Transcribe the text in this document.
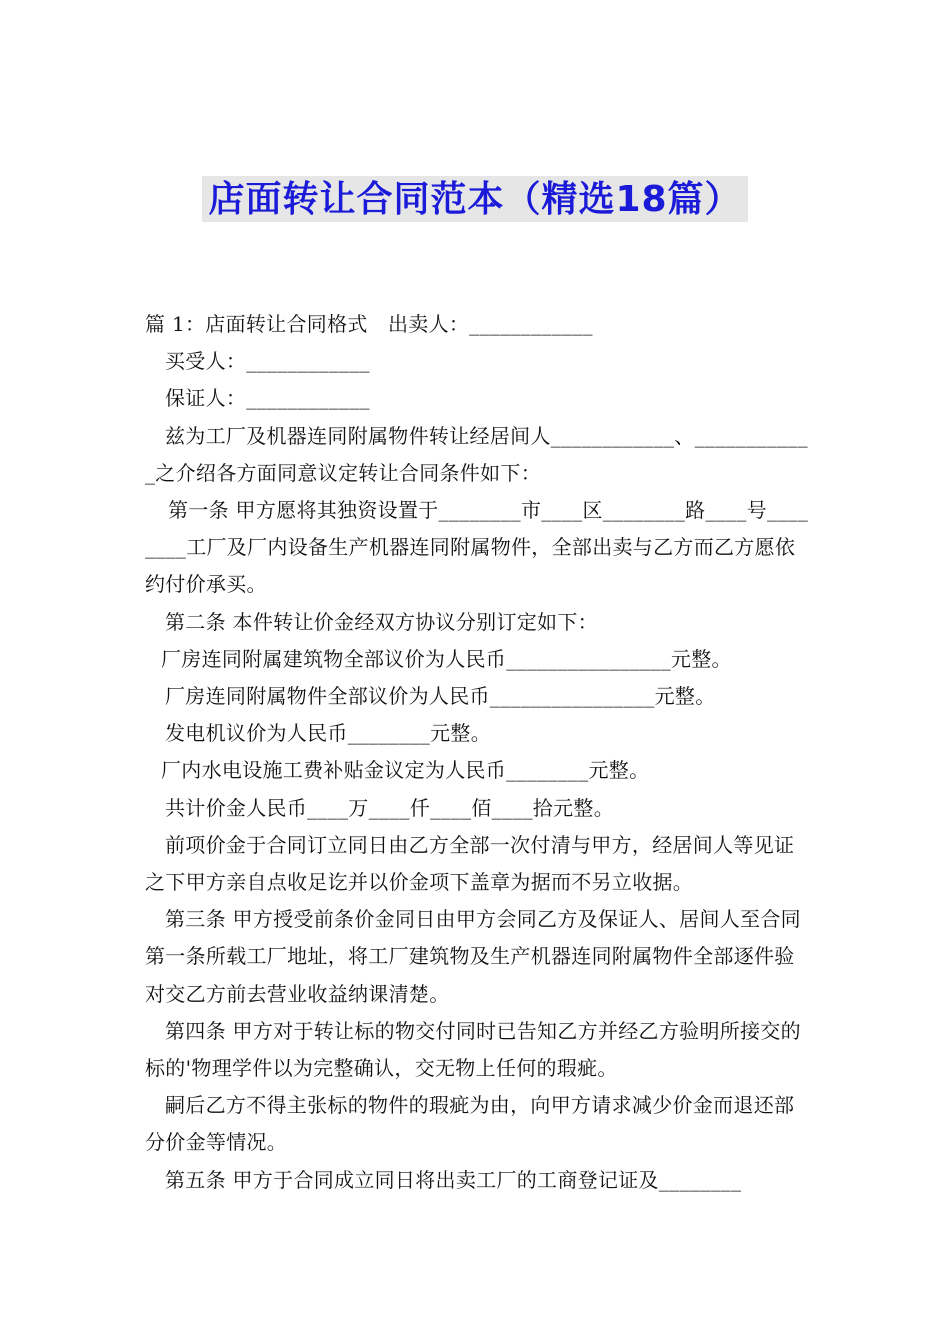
店面转让合同范本（精选18篇）

篇 1：店面转让合同格式　出卖人：____________

买受人：____________

保证人：____________

兹为工厂及机器连同附属物件转让经居间人____________、____________之介绍各方面同意议定转让合同条件如下：

第一条 甲方愿将其独资设置于________市____区________路____号________工厂及厂内设备生产机器连同附属物件，全部出卖与乙方而乙方愿依约付价承买。

第二条 本件转让价金经双方协议分别订定如下：

厂房连同附属建筑物全部议价为人民币________________元整。

厂房连同附属物件全部议价为人民币________________元整。

发电机议价为人民币________元整。

厂内水电设施工费补贴金议定为人民币________元整。

共计价金人民币____万____仟____佰____拾元整。

前项价金于合同订立同日由乙方全部一次付清与甲方，经居间人等见证之下甲方亲自点收足讫并以价金项下盖章为据而不另立收据。

第三条 甲方授受前条价金同日由甲方会同乙方及保证人、居间人至合同第一条所载工厂地址，将工厂建筑物及生产机器连同附属物件全部逐件验对交乙方前去营业收益纳课清楚。

第四条 甲方对于转让标的物交付同时已告知乙方并经乙方验明所接交的标的'物理学件以为完整确认，交无物上任何的瑕疵。

嗣后乙方不得主张标的物件的瑕疵为由，向甲方请求减少价金而退还部分价金等情况。

第五条 甲方于合同成立同日将出卖工厂的工商登记证及________
